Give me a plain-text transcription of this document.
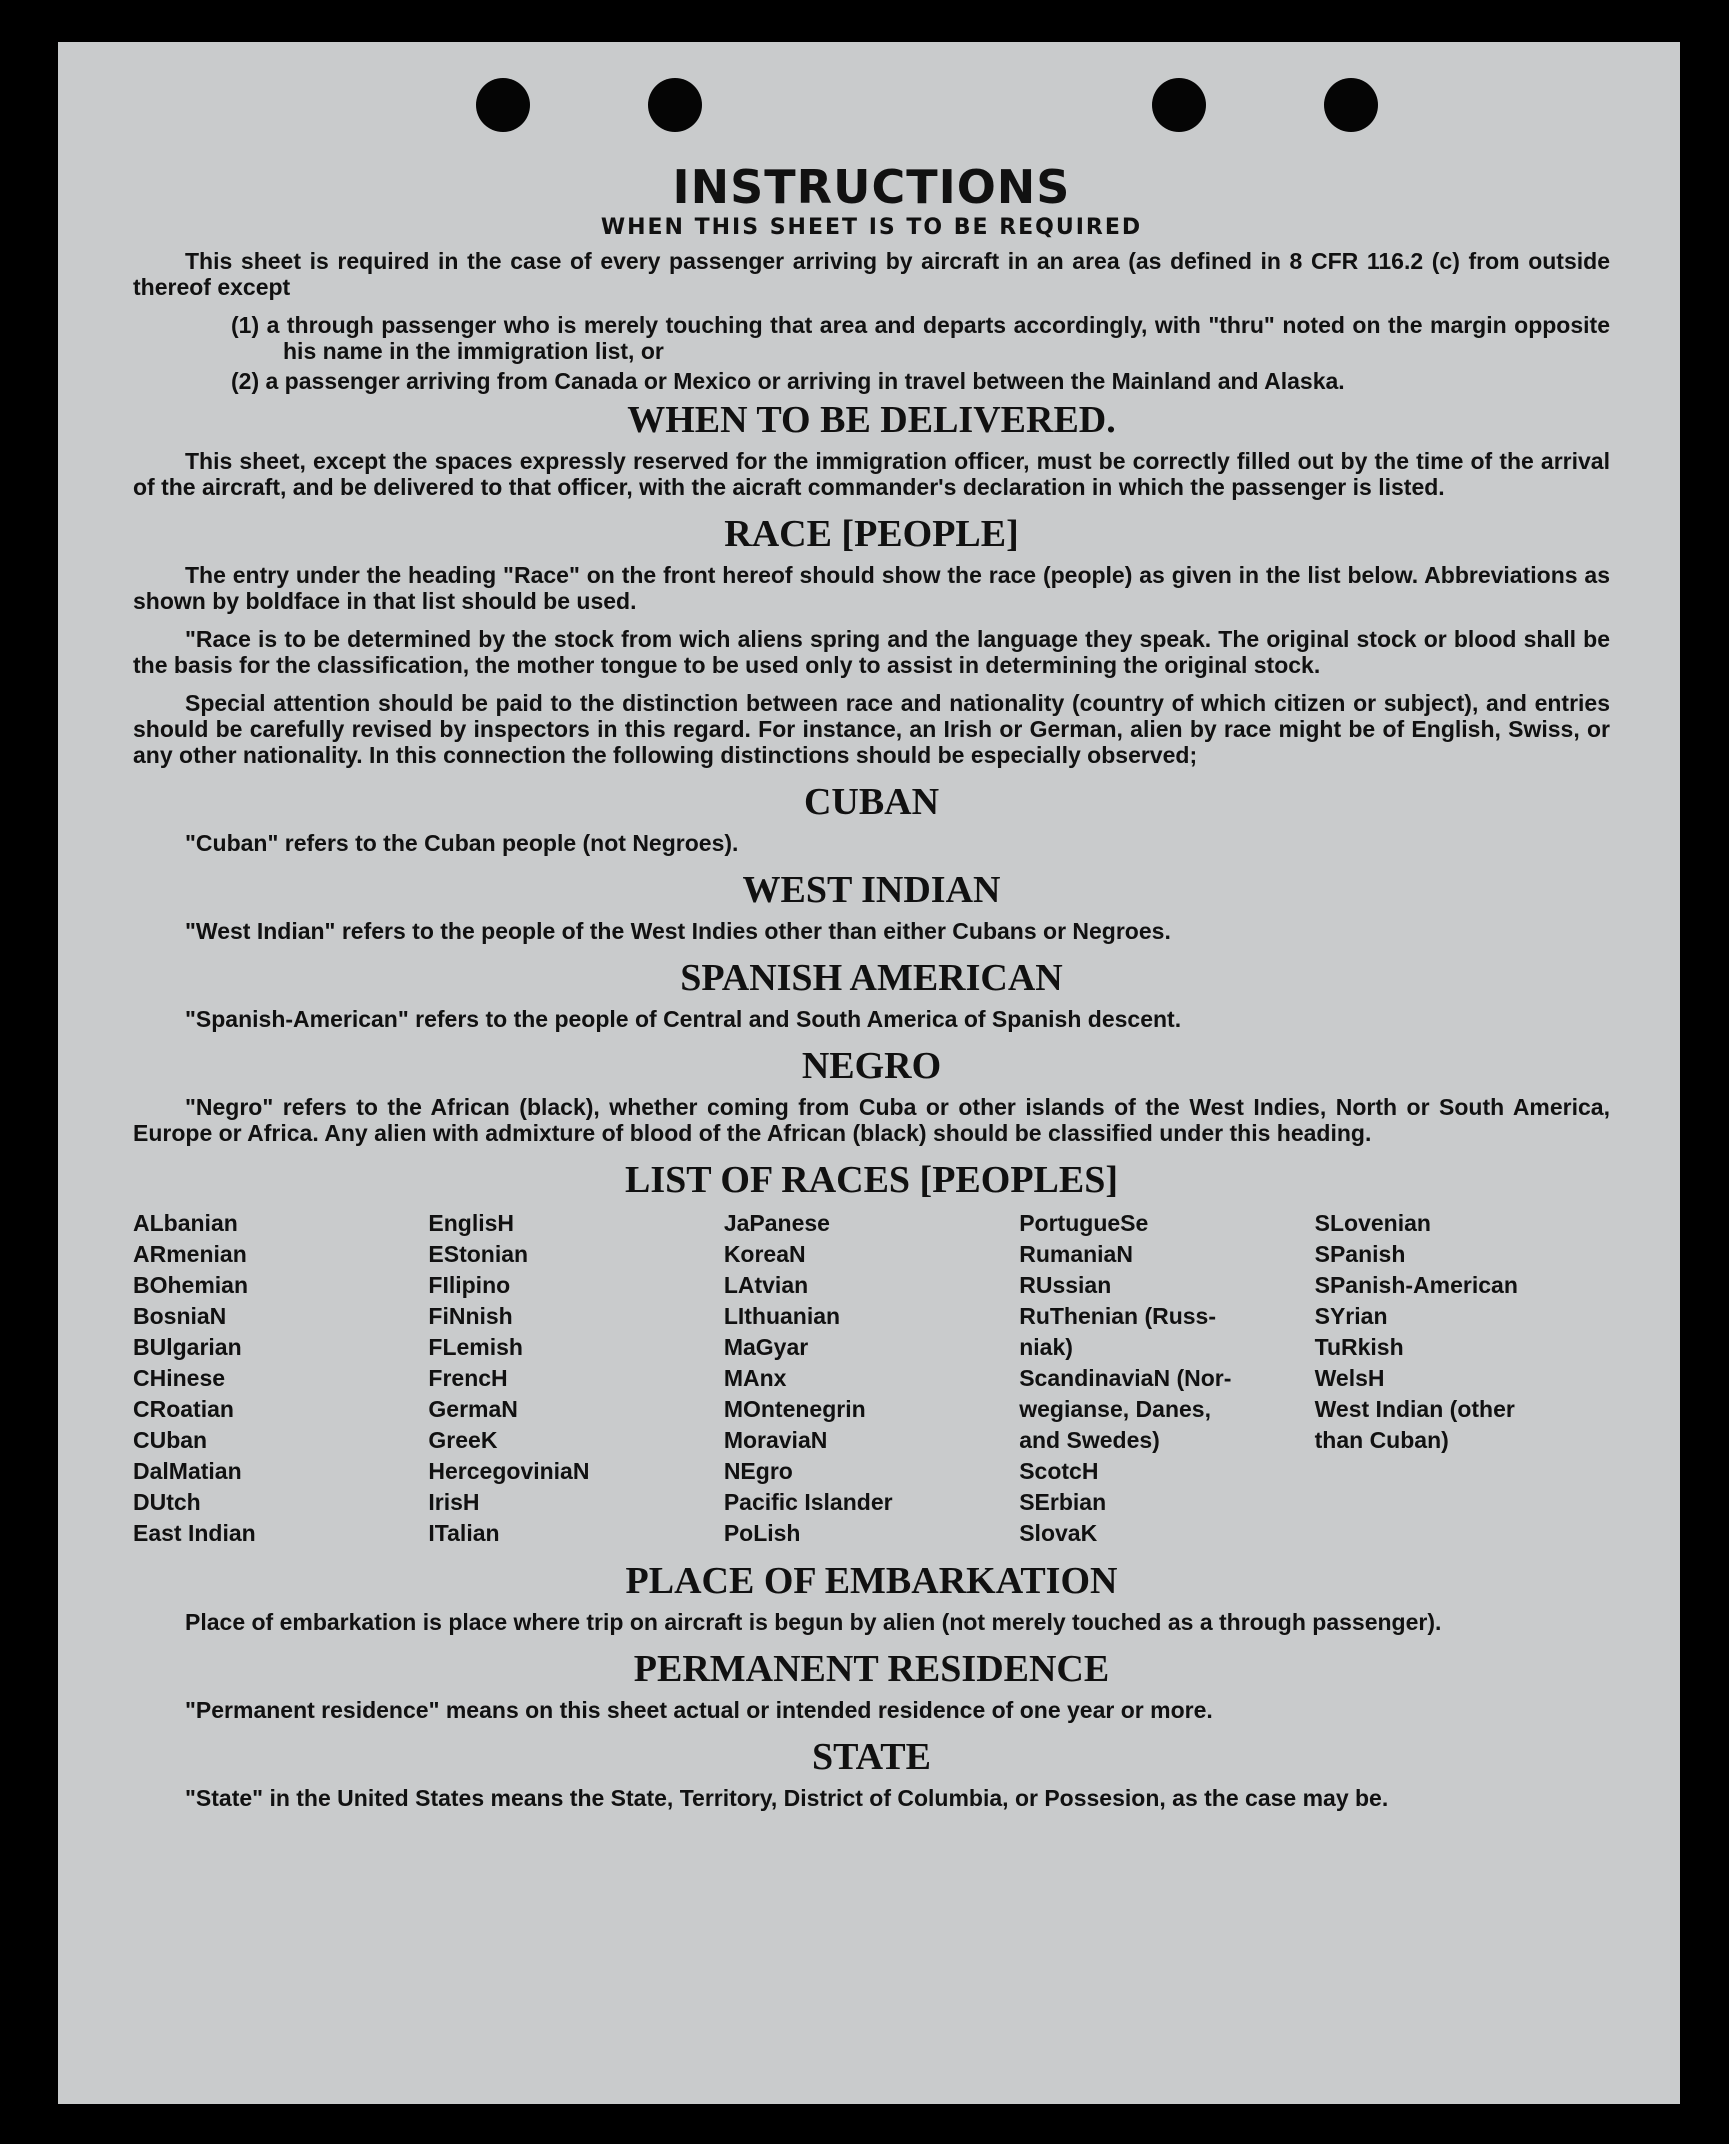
INSTRUCTIONS
WHEN THIS SHEET IS TO BE REQUIRED

This sheet is required in the case of every passenger arriving by aircraft in an area (as defined in 8 CFR 116.2 (c) from outside thereof except

(1) a through passenger who is merely touching that area and departs accordingly, with "thru" noted on the margin opposite his name in the immigration list, or

(2) a passenger arriving from Canada or Mexico or arriving in travel between the Mainland and Alaska.

WHEN TO BE DELIVERED.

This sheet, except the spaces expressly reserved for the immigration officer, must be correctly filled out by the time of the arrival of the aircraft, and be delivered to that officer, with the aicraft commander's declaration in which the passenger is listed.

RACE [PEOPLE]

The entry under the heading "Race" on the front hereof should show the race (people) as given in the list below. Abbreviations as shown by boldface in that list should be used.

"Race is to be determined by the stock from wich aliens spring and the language they speak. The original stock or blood shall be the basis for the classification, the mother tongue to be used only to assist in determining the original stock.

Special attention should be paid to the distinction between race and nationality (country of which citizen or subject), and entries should be carefully revised by inspectors in this regard. For instance, an Irish or German, alien by race might be of English, Swiss, or any other nationality. In this connection the following distinctions should be especially observed;

CUBAN

"Cuban" refers to the Cuban people (not Negroes).

WEST INDIAN

"West Indian" refers to the people of the West Indies other than either Cubans or Negroes.

SPANISH AMERICAN

"Spanish-American" refers to the people of Central and South America of Spanish descent.

NEGRO

"Negro" refers to the African (black), whether coming from Cuba or other islands of the West Indies, North or South America, Europe or Africa. Any alien with admixture of blood of the African (black) should be classified under this heading.

LIST OF RACES [PEOPLES]
ALbanian
ARmenian
BOhemian
BosniaN
BUlgarian
CHinese
CRoatian
CUban
DalMatian
DUtch
East Indian
EnglisH
EStonian
FIlipino
FiNnish
FLemish
FrencH
GermaN
GreeK
HercegoviniaN
IrisH
ITalian
JaPanese
KoreaN
LAtvian
LIthuanian
MaGyar
MAnx
MOntenegrin
MoraviaN
NEgro
Pacific Islander
PoLish
PortugueSe
RumaniaN
RUssian
RuThenian (Russ-
niak)
ScandinaviaN (Nor-
wegianse, Danes,
and Swedes)
ScotcH
SErbian
SlovaK
SLovenian
SPanish
SPanish-American
SYrian
TuRkish
WelsH
West Indian (other
than Cuban)
PLACE OF EMBARKATION

Place of embarkation is place where trip on aircraft is begun by alien (not merely touched as a through passenger).

PERMANENT RESIDENCE

"Permanent residence" means on this sheet actual or intended residence of one year or more.

STATE

"State" in the United States means the State, Territory, District of Columbia, or Possesion, as the case may be.
